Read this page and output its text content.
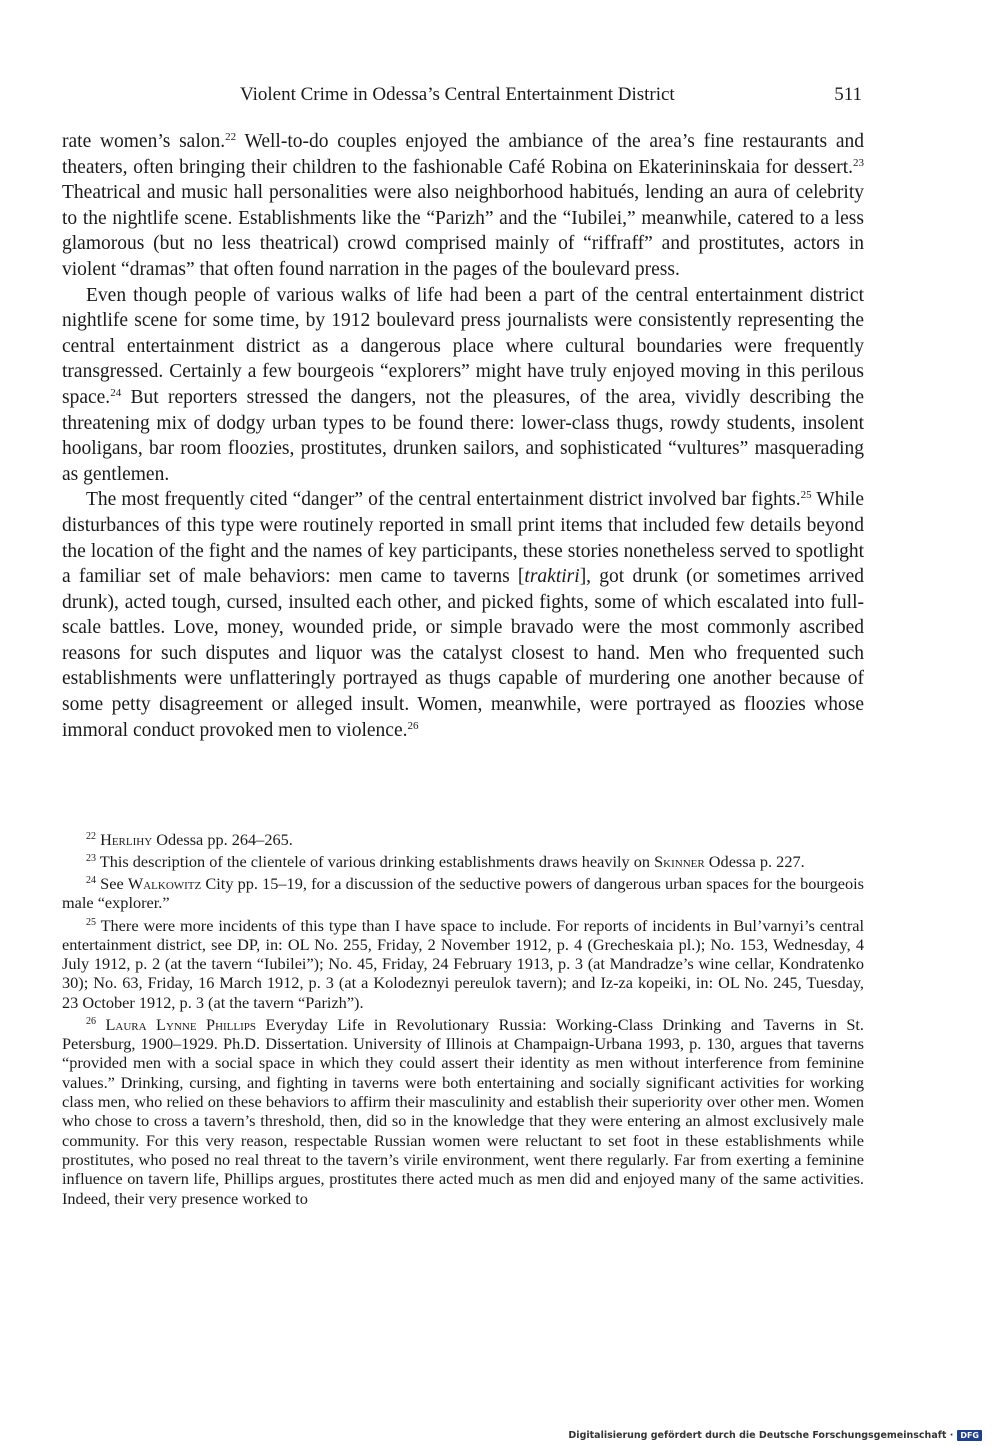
Violent Crime in Odessa’s Central Entertainment District	511

rate women’s salon.$^{22}$ Well-to-do couples enjoyed the ambiance of the area’s fine restaurants and theaters, often bringing their children to the fashionable Café Robina on Ekaterininskaia for dessert.$^{23}$ Theatrical and music hall personalities were also neighborhood habitués, lending an aura of celebrity to the nightlife scene. Establishments like the “Parizh” and the “Iubilei,” meanwhile, catered to a less glamorous (but no less theatrical) crowd comprised mainly of “riffraff” and prostitutes, actors in violent “dramas” that often found narration in the pages of the boulevard press.

Even though people of various walks of life had been a part of the central entertainment district nightlife scene for some time, by 1912 boulevard press journalists were consistently representing the central entertainment district as a dangerous place where cultural boundaries were frequently transgressed. Certainly a few bourgeois “explorers” might have truly enjoyed moving in this perilous space.$^{24}$ But reporters stressed the dangers, not the pleasures, of the area, vividly describing the threatening mix of dodgy urban types to be found there: lower-class thugs, rowdy students, insolent hooligans, bar room floozies, prostitutes, drunken sailors, and sophisticated “vultures” masquerading as gentlemen.

The most frequently cited “danger” of the central entertainment district involved bar fights.$^{25}$ While disturbances of this type were routinely reported in small print items that included few details beyond the location of the fight and the names of key participants, these stories nonetheless served to spotlight a familiar set of male behaviors: men came to taverns [traktiri], got drunk (or sometimes arrived drunk), acted tough, cursed, insulted each other, and picked fights, some of which escalated into full-scale battles. Love, money, wounded pride, or simple bravado were the most commonly ascribed reasons for such disputes and liquor was the catalyst closest to hand. Men who frequented such establishments were unflatteringly portrayed as thugs capable of murdering one another because of some petty disagreement or alleged insult. Women, meanwhile, were portrayed as floozies whose immoral conduct provoked men to violence.$^{26}$

$^{22}$ Herlihy Odessa pp. 264–265.

$^{23}$ This description of the clientele of various drinking establishments draws heavily on Skinner Odessa p. 227.

$^{24}$ See Walkowitz City pp. 15–19, for a discussion of the seductive powers of dangerous urban spaces for the bourgeois male “explorer.”

$^{25}$ There were more incidents of this type than I have space to include. For reports of incidents in Bul’varnyi’s central entertainment district, see DP, in: OL No. 255, Friday, 2 November 1912, p. 4 (Grecheskaia pl.); No. 153, Wednesday, 4 July 1912, p. 2 (at the tavern “Iubilei”); No. 45, Friday, 24 February 1913, p. 3 (at Mandradze’s wine cellar, Kondratenko 30); No. 63, Friday, 16 March 1912, p. 3 (at a Kolodeznyi pereulok tavern); and Iz-za kopeiki, in: OL No. 245, Tuesday, 23 October 1912, p. 3 (at the tavern “Parizh”).

$^{26}$ Laura Lynne Phillips Everyday Life in Revolutionary Russia: Working-Class Drinking and Taverns in St. Petersburg, 1900–1929. Ph.D. Dissertation. University of Illinois at Champaign-Urbana 1993, p. 130, argues that taverns “provided men with a social space in which they could assert their identity as men without interference from feminine values.” Drinking, cursing, and fighting in taverns were both entertaining and socially significant activities for working class men, who relied on these behaviors to affirm their masculinity and establish their superiority over other men. Women who chose to cross a tavern’s threshold, then, did so in the knowledge that they were entering an almost exclusively male community. For this very reason, respectable Russian women were reluctant to set foot in these establishments while prostitutes, who posed no real threat to the tavern’s virile environment, went there regularly. Far from exerting a feminine influence on tavern life, Phillips argues, prostitutes there acted much as men did and enjoyed many of the same activities. Indeed, their very presence worked to

Digitalisierung gefördert durch die Deutsche Forschungsgemeinschaft · DFG
